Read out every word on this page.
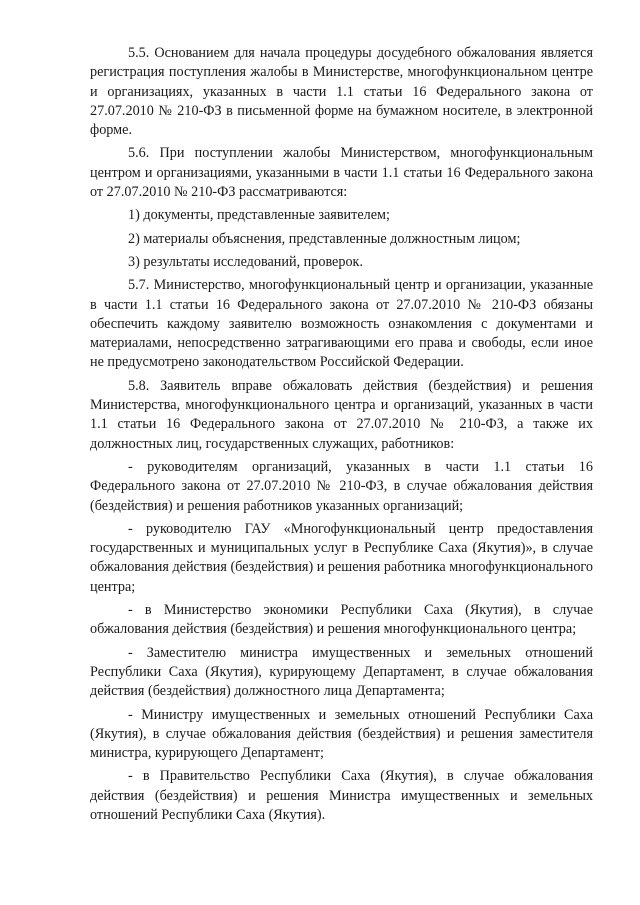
5.5. Основанием для начала процедуры досудебного обжалования является регистрация поступления жалобы в Министерстве, многофункциональном центре и организациях, указанных в части 1.1 статьи 16 Федерального закона от 27.07.2010 № 210-ФЗ в письменной форме на бумажном носителе, в электронной форме.

5.6. При поступлении жалобы Министерством, многофункциональным центром и организациями, указанными в части 1.1 статьи 16 Федерального закона от 27.07.2010 № 210-ФЗ рассматриваются:

1) документы, представленные заявителем;

2) материалы объяснения, представленные должностным лицом;

3) результаты исследований, проверок.

5.7. Министерство, многофункциональный центр и организации, указанные в части 1.1 статьи 16 Федерального закона от 27.07.2010 № 210-ФЗ обязаны обеспечить каждому заявителю возможность ознакомления с документами и материалами, непосредственно затрагивающими его права и свободы, если иное не предусмотрено законодательством Российской Федерации.

5.8. Заявитель вправе обжаловать действия (бездействия) и решения Министерства, многофункционального центра и организаций, указанных в части 1.1 статьи 16 Федерального закона от 27.07.2010 № 210-ФЗ, а также их должностных лиц, государственных служащих, работников:

- руководителям организаций, указанных в части 1.1 статьи 16 Федерального закона от 27.07.2010 № 210-ФЗ, в случае обжалования действия (бездействия) и решения работников указанных организаций;

- руководителю ГАУ «Многофункциональный центр предоставления государственных и муниципальных услуг в Республике Саха (Якутия)», в случае обжалования действия (бездействия) и решения работника многофункционального центра;

- в Министерство экономики Республики Саха (Якутия), в случае обжалования действия (бездействия) и решения многофункционального центра;

- Заместителю министра имущественных и земельных отношений Республики Саха (Якутия), курирующему Департамент, в случае обжалования действия (бездействия) должностного лица Департамента;

- Министру имущественных и земельных отношений Республики Саха (Якутия), в случае обжалования действия (бездействия) и решения заместителя министра, курирующего Департамент;

- в Правительство Республики Саха (Якутия), в случае обжалования действия (бездействия) и решения Министра имущественных и земельных отношений Республики Саха (Якутия).
